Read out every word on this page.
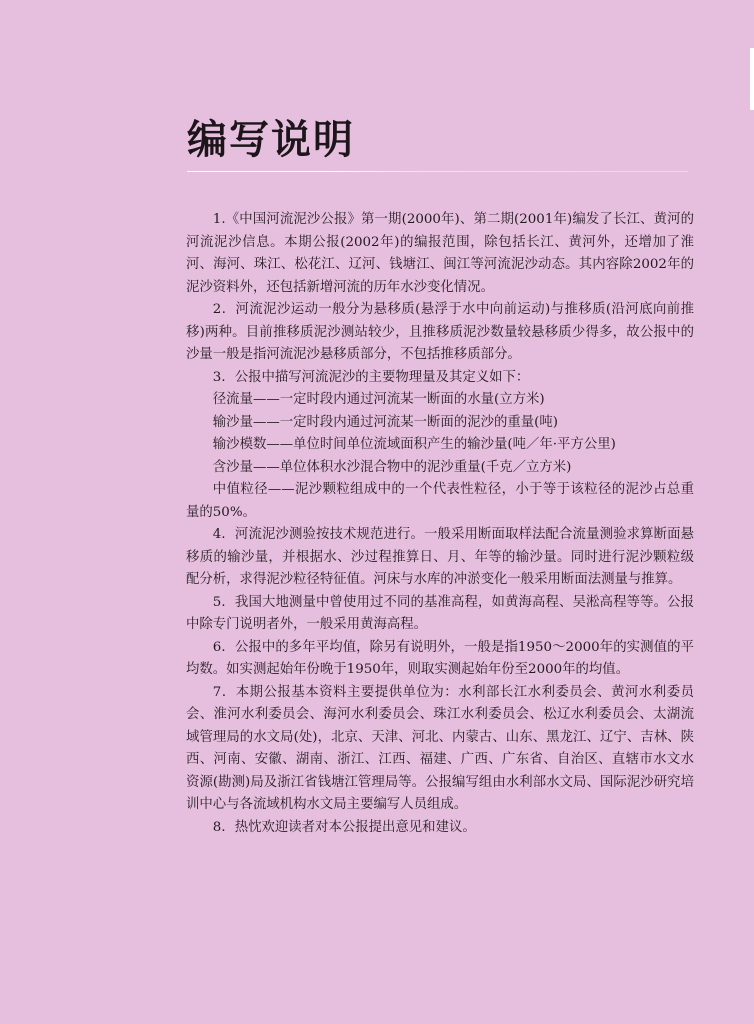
编写说明

1.《中国河流泥沙公报》第一期(2000年)、第二期(2001年)编发了长江、黄河的河流泥沙信息。本期公报(2002年)的编报范围，除包括长江、黄河外，还增加了淮河、海河、珠江、松花江、辽河、钱塘江、闽江等河流泥沙动态。其内容除2002年的泥沙资料外，还包括新增河流的历年水沙变化情况。

2．河流泥沙运动一般分为悬移质(悬浮于水中向前运动)与推移质(沿河底向前推移)两种。目前推移质泥沙测站较少，且推移质泥沙数量较悬移质少得多，故公报中的沙量一般是指河流泥沙悬移质部分，不包括推移质部分。

3．公报中描写河流泥沙的主要物理量及其定义如下：

径流量——一定时段内通过河流某一断面的水量(立方米)

输沙量——一定时段内通过河流某一断面的泥沙的重量(吨)

输沙模数——单位时间单位流域面积产生的输沙量(吨／年·平方公里)

含沙量——单位体积水沙混合物中的泥沙重量(千克／立方米)

中值粒径——泥沙颗粒组成中的一个代表性粒径，小于等于该粒径的泥沙占总重量的50%。

4．河流泥沙测验按技术规范进行。一般采用断面取样法配合流量测验求算断面悬移质的输沙量，并根据水、沙过程推算日、月、年等的输沙量。同时进行泥沙颗粒级配分析，求得泥沙粒径特征值。河床与水库的冲淤变化一般采用断面法测量与推算。

5．我国大地测量中曾使用过不同的基准高程，如黄海高程、吴淞高程等等。公报中除专门说明者外，一般采用黄海高程。

6．公报中的多年平均值，除另有说明外，一般是指1950～2000年的实测值的平均数。如实测起始年份晚于1950年，则取实测起始年份至2000年的均值。

7．本期公报基本资料主要提供单位为：水利部长江水利委员会、黄河水利委员会、淮河水利委员会、海河水利委员会、珠江水利委员会、松辽水利委员会、太湖流域管理局的水文局(处)，北京、天津、河北、内蒙古、山东、黑龙江、辽宁、吉林、陕西、河南、安徽、湖南、浙江、江西、福建、广西、广东省、自治区、直辖市水文水资源(勘测)局及浙江省钱塘江管理局等。公报编写组由水利部水文局、国际泥沙研究培训中心与各流域机构水文局主要编写人员组成。

8．热忱欢迎读者对本公报提出意见和建议。
